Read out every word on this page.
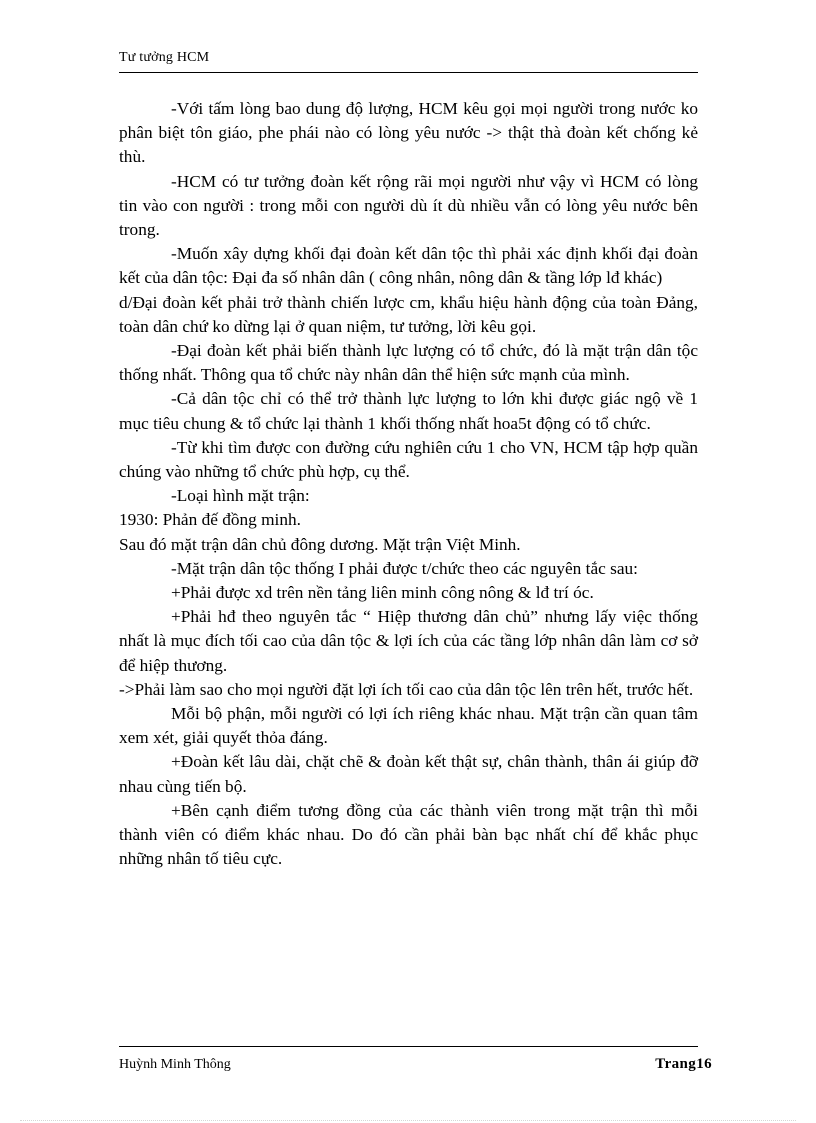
Tư tưởng HCM

-Với tấm lòng bao dung độ lượng, HCM kêu gọi mọi người trong nước ko phân biệt tôn giáo, phe phái nào có lòng yêu nước -> thật thà đoàn kết chống kẻ thù.

-HCM có tư tưởng đoàn kết rộng rãi mọi người như vậy vì HCM có lòng tin vào con người : trong mỗi con người dù ít dù nhiều vẫn có lòng yêu nước bên trong.

-Muốn xây dựng khối đại đoàn kết dân tộc thì phải xác định khối đại đoàn kết của dân tộc: Đại đa số nhân dân ( công nhân, nông dân & tầng lớp lđ khác)

d/Đại đoàn kết phải trở thành chiến lược cm, khẩu hiệu hành động của toàn Đảng, toàn dân chứ ko dừng lại ở quan niệm, tư tưởng, lời kêu gọi.

-Đại đoàn kết phải biến thành lực lượng có tổ chức, đó là mặt trận dân tộc thống nhất. Thông qua tổ chức này nhân dân thể hiện sức mạnh của mình.

-Cả dân tộc chỉ có thể trở thành lực lượng to lớn khi được giác ngộ về 1 mục tiêu chung & tổ chức lại thành 1 khối thống nhất hoa5t động có tổ chức.

-Từ khi tìm được con đường cứu nghiên cứu 1 cho VN, HCM tập hợp quần chúng vào những tổ chức phù hợp, cụ thể.

-Loại hình mặt trận:

1930: Phản đế đồng minh.

Sau đó mặt trận dân chủ đông dương. Mặt trận Việt Minh.

-Mặt trận dân tộc thống I phải được t/chức theo các nguyên tắc sau:

+Phải được xd trên nền tảng liên minh công nông & lđ trí óc.

+Phải hđ theo nguyên tắc “ Hiệp thương dân chủ” nhưng lấy việc thống nhất là mục đích tối cao của dân tộc & lợi ích của các tầng lớp nhân dân làm cơ sở để hiệp thương.

->Phải làm sao cho mọi người đặt lợi ích tối cao của dân tộc lên trên hết, trước hết.

Mỗi bộ phận, mỗi người có lợi ích riêng khác nhau. Mặt trận cần quan tâm xem xét, giải quyết thỏa đáng.

+Đoàn kết lâu dài, chặt chẽ & đoàn kết thật sự, chân thành, thân ái giúp đỡ nhau cùng tiến bộ.

+Bên cạnh điểm tương đồng của các thành viên trong mặt trận thì mỗi thành viên có điểm khác nhau. Do đó cần phải bàn bạc nhất chí để khắc phục những nhân tố tiêu cực.

Huỳnh Minh Thông	Trang16
